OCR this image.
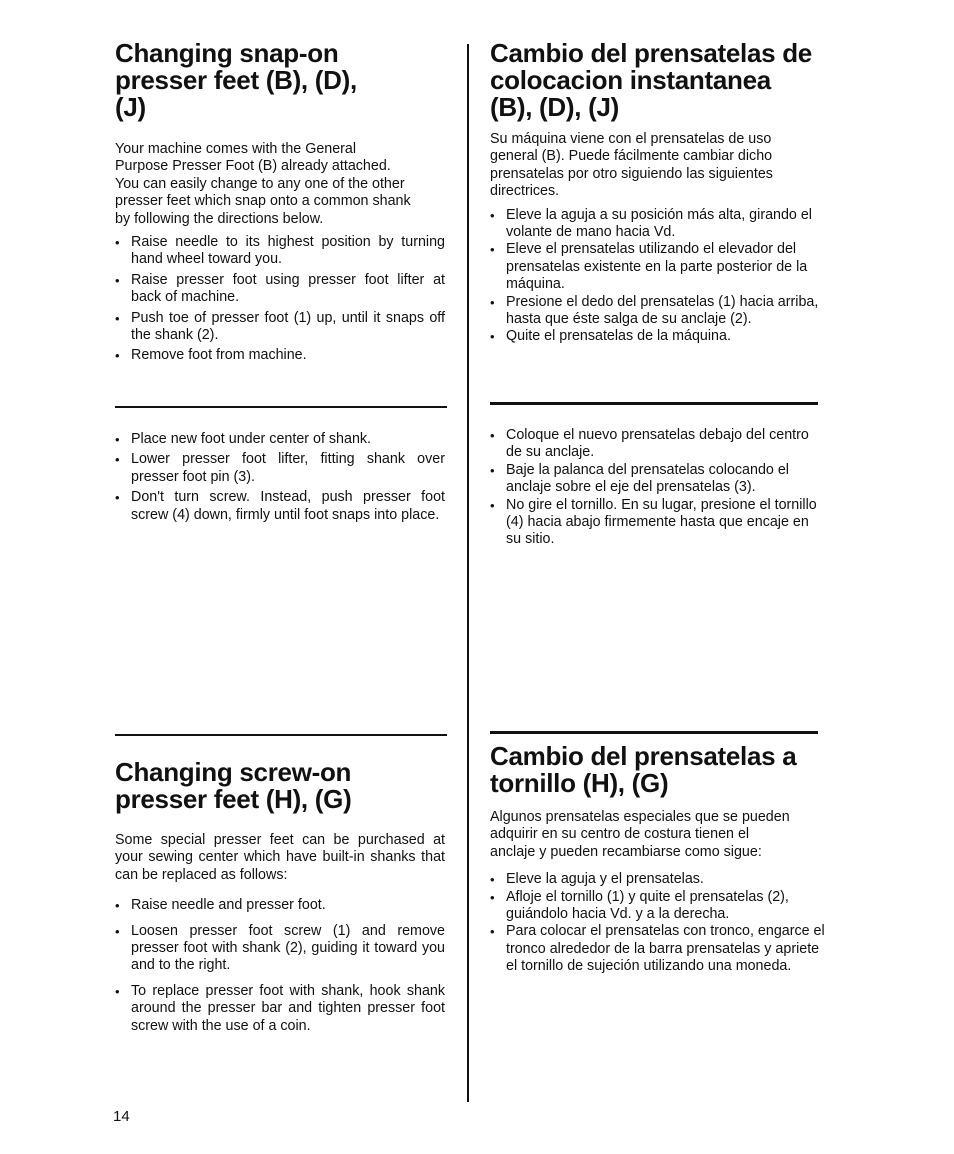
Changing snap-on
presser feet (B), (D),
(J)

Your machine comes with the General
Purpose Presser Foot (B) already attached.
You can easily change to any one of the other
presser feet which snap onto a common shank
by following the directions below.

• Raise needle to its highest position by turning hand wheel toward you.
• Raise presser foot using presser foot lifter at back of machine.
• Push toe of presser foot (1) up, until it snaps off the shank (2).
• Remove foot from machine.
• Place new foot under center of shank.
• Lower presser foot lifter, fitting shank over presser foot pin (3).
• Don't turn screw. Instead, push presser foot screw (4) down, firmly until foot snaps into place.
Changing screw-on
presser feet (H), (G)

Some special presser feet can be purchased at your sewing center which have built-in shanks that can be replaced as follows:

• Raise needle and presser foot.
• Loosen presser foot screw (1) and remove presser foot with shank (2), guiding it toward you and to the right.
• To replace presser foot with shank, hook shank around the presser bar and tighten presser foot screw with the use of a coin.
Cambio del prensatelas de
colocacion instantanea
(B), (D), (J)

Su máquina viene con el prensatelas de uso
general (B). Puede fácilmente cambiar dicho
prensatelas por otro siguiendo las siguientes
directrices.

• Eleve la aguja a su posición más alta, girando el volante de mano hacia Vd.
• Eleve el prensatelas utilizando el elevador del prensatelas existente en la parte posterior de la máquina.
• Presione el dedo del prensatelas (1) hacia arriba, hasta que éste salga de su anclaje (2).
• Quite el prensatelas de la máquina.
• Coloque el nuevo prensatelas debajo del centro de su anclaje.
• Baje la palanca del prensatelas colocando el anclaje sobre el eje del prensatelas (3).
• No gire el tornillo. En su lugar, presione el tornillo (4) hacia abajo firmemente hasta que encaje en su sitio.
Cambio del prensatelas a
tornillo (H), (G)

Algunos prensatelas especiales que se pueden
adquirir en su centro de costura tienen el
anclaje y pueden recambiarse como sigue:

• Eleve la aguja y el prensatelas.
• Afloje el tornillo (1) y quite el prensatelas (2), guiándolo hacia Vd. y a la derecha.
• Para colocar el prensatelas con tronco, engarce el tronco alrededor de la barra prensatelas y apriete el tornillo de sujeción utilizando una moneda.
14
